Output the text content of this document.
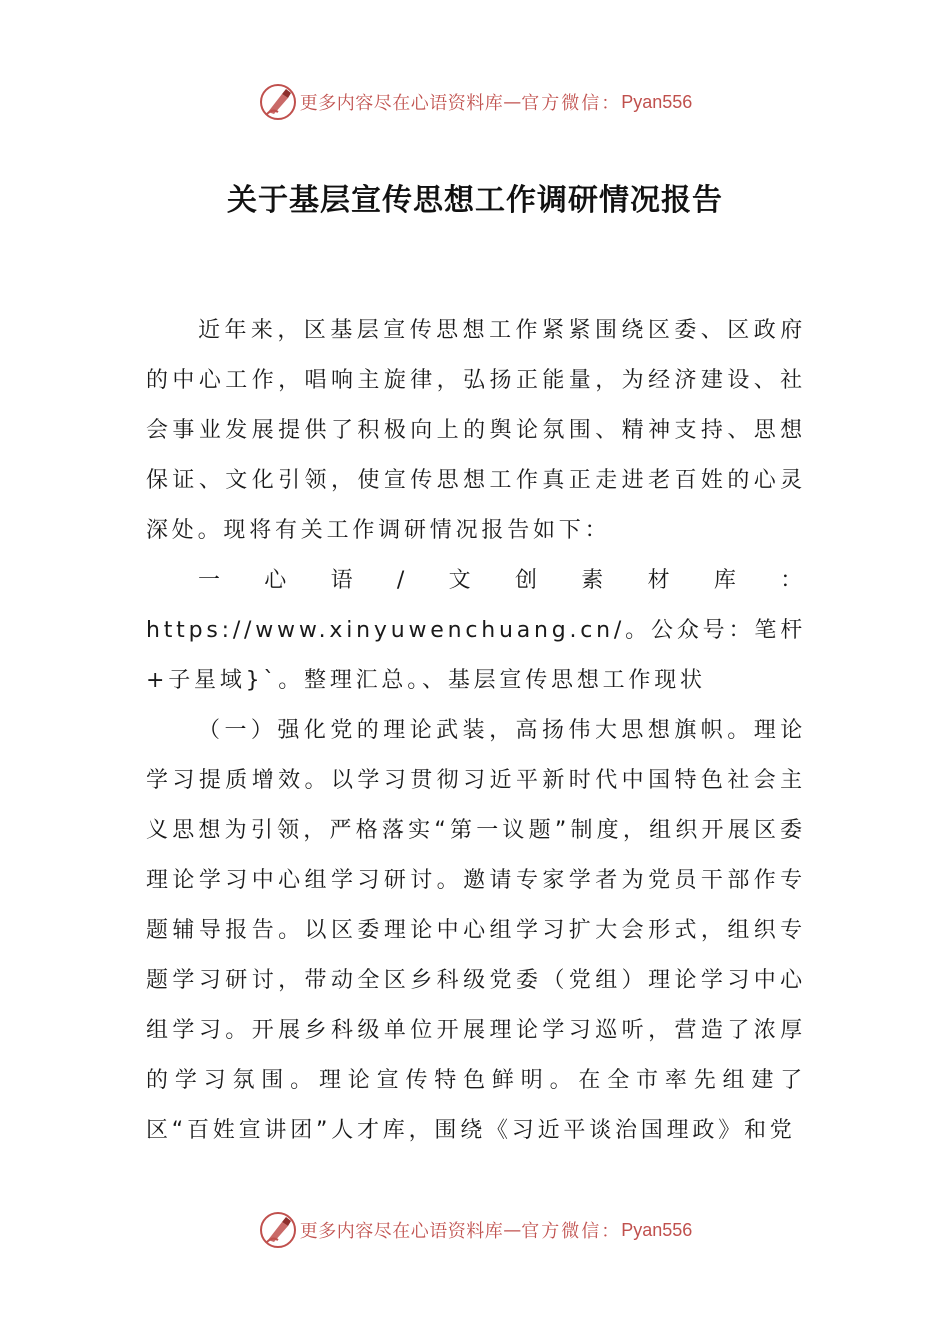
更多内容尽在心语资料库 — 官方微信： Pyan556
关于基层宣传思想工作调研情况报告

近年来，区基层宣传思想工作紧紧围绕区委、区政府的中心工作，唱响主旋律，弘扬正能量，为经济建设、社会事业发展提供了积极向上的舆论氛围、精神支持、思想保证、文化引领，使宣传思想工作真正走进老百姓的心灵深处。现将有关工作调研情况报告如下：

一心语/文创素材库：https://www.xinyuwenchuang.cn/。公众号：笔杆+子星域}`。整理汇总。、基层宣传思想工作现状

（一）强化党的理论武装，高扬伟大思想旗帜。理论学习提质增效。以学习贯彻习近平新时代中国特色社会主义思想为引领，严格落实“第一议题”制度，组织开展区委理论学习中心组学习研讨。邀请专家学者为党员干部作专题辅导报告。以区委理论中心组学习扩大会形式，组织专题学习研讨，带动全区乡科级党委（党组）理论学习中心组学习。开展乡科级单位开展理论学习巡听，营造了浓厚的学习氛围。理论宣传特色鲜明。在全市率先组建了区“百姓宣讲团”人才库，围绕《习近平谈治国理政》和党

更多内容尽在心语资料库 — 官方微信： Pyan556
